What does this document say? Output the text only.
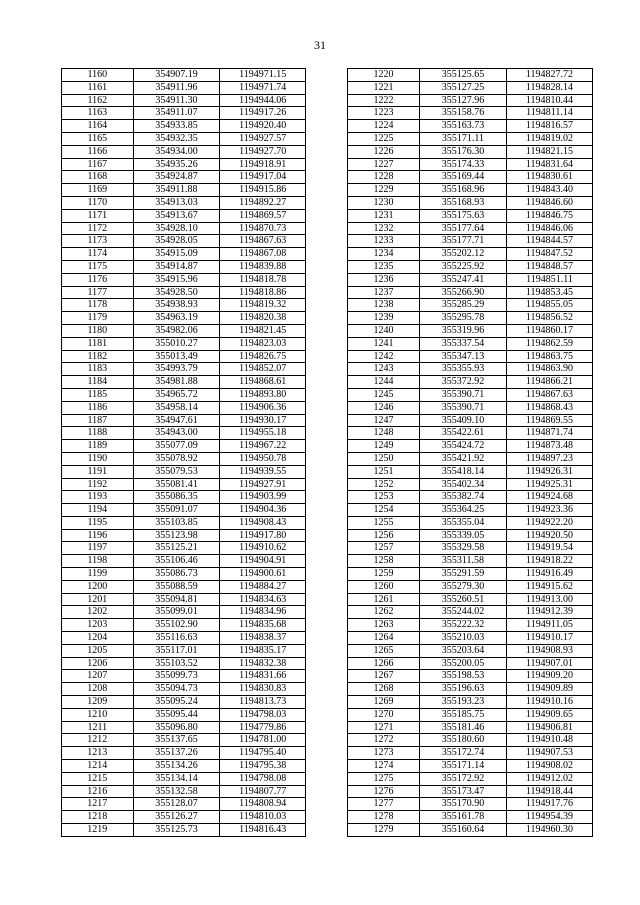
31
1160	354907.19	1194971.15
1161	354911.96	1194971.74
1162	354911.30	1194944.06
1163	354911.07	1194917.26
1164	354933.85	1194920.40
1165	354932.35	1194927.57
1166	354934.00	1194927.70
1167	354935.26	1194918.91
1168	354924.87	1194917.04
1169	354911.88	1194915.86
1170	354913.03	1194892.27
1171	354913.67	1194869.57
1172	354928.10	1194870.73
1173	354928.05	1194867.63
1174	354915.09	1194867.08
1175	354914.87	1194839.88
1176	354915.96	1194818.78
1177	354928.50	1194818.86
1178	354938.93	1194819.32
1179	354963.19	1194820.38
1180	354982.06	1194821.45
1181	355010.27	1194823.03
1182	355013.49	1194826.75
1183	354993.79	1194852.07
1184	354981.88	1194868.61
1185	354965.72	1194893.80
1186	354958.14	1194906.36
1187	354947.61	1194930.17
1188	354943.00	1194955.18
1189	355077.09	1194967.22
1190	355078.92	1194950.78
1191	355079.53	1194939.55
1192	355081.41	1194927.91
1193	355086.35	1194903.99
1194	355091.07	1194904.36
1195	355103.85	1194908.43
1196	355123.98	1194917.80
1197	355125.21	1194910.62
1198	355106.46	1194904.91
1199	355086.73	1194900.61
1200	355088.59	1194884.27
1201	355094.81	1194834.63
1202	355099.01	1194834.96
1203	355102.90	1194835.68
1204	355116.63	1194838.37
1205	355117.01	1194835.17
1206	355103.52	1194832.38
1207	355099.73	1194831.66
1208	355094.73	1194830.83
1209	355095.24	1194813.73
1210	355095.44	1194798.03
1211	355096.80	1194779.86
1212	355137.65	1194781.00
1213	355137.26	1194795.40
1214	355134.26	1194795.38
1215	355134.14	1194798.08
1216	355132.58	1194807.77
1217	355128.07	1194808.94
1218	355126.27	1194810.03
1219	355125.73	1194816.43
1220	355125.65	1194827.72
1221	355127.25	1194828.14
1222	355127.96	1194810.44
1223	355158.76	1194811.14
1224	355163.73	1194816.57
1225	355171.11	1194819.02
1226	355176.30	1194821.15
1227	355174.33	1194831.64
1228	355169.44	1194830.61
1229	355168.96	1194843.40
1230	355168.93	1194846.60
1231	355175.63	1194846.75
1232	355177.64	1194846.06
1233	355177.71	1194844.57
1234	355202.12	1194847.52
1235	355225.92	1194848.57
1236	355247.41	1194851.11
1237	355266.90	1194853.45
1238	355285.29	1194855.05
1239	355295.78	1194856.52
1240	355319.96	1194860.17
1241	355337.54	1194862.59
1242	355347.13	1194863.75
1243	355355.93	1194863.90
1244	355372.92	1194866.21
1245	355390.71	1194867.63
1246	355390.71	1194868.43
1247	355409.10	1194869.55
1248	355422.61	1194871.74
1249	355424.72	1194873.48
1250	355421.92	1194897.23
1251	355418.14	1194926.31
1252	355402.34	1194925.31
1253	355382.74	1194924.68
1254	355364.25	1194923.36
1255	355355.04	1194922.20
1256	355339.05	1194920.50
1257	355329.58	1194919.54
1258	355311.58	1194918.22
1259	355291.59	1194916.49
1260	355279.30	1194915.62
1261	355260.51	1194913.00
1262	355244.02	1194912.39
1263	355222.32	1194911.05
1264	355210.03	1194910.17
1265	355203.64	1194908.93
1266	355200.05	1194907.01
1267	355198.53	1194909.20
1268	355196.63	1194909.89
1269	355193.23	1194910.16
1270	355185.75	1194909.65
1271	355181.46	1194906.81
1272	355180.60	1194910.48
1273	355172.74	1194907.53
1274	355171.14	1194908.02
1275	355172.92	1194912.02
1276	355173.47	1194918.44
1277	355170.90	1194917.76
1278	355161.78	1194954.39
1279	355160.64	1194960.30
